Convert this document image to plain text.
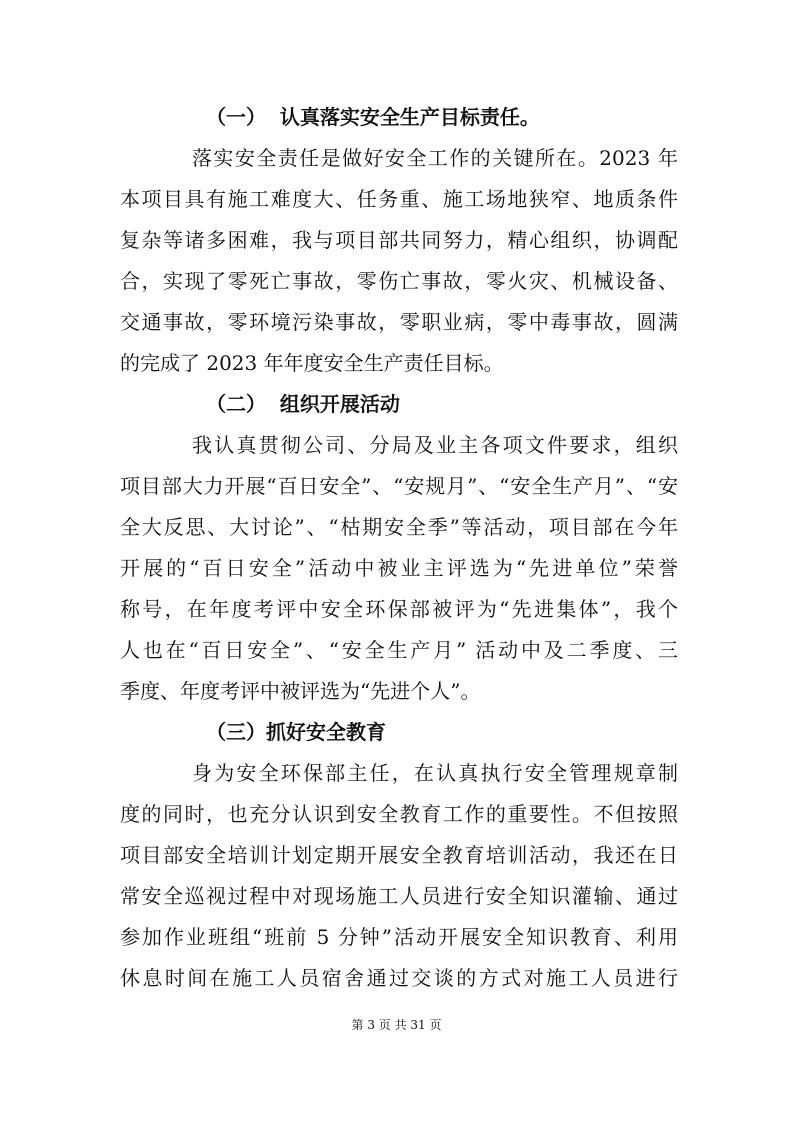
（一）  认真落实安全生产目标责任。
落实安全责任是做好安全工作的关键所在。2023 年
本项目具有施工难度大、任务重、施工场地狭窄、地质条件
复杂等诸多困难，我与项目部共同努力，精心组织，协调配
合，实现了零死亡事故，零伤亡事故，零火灾、机械设备、
交通事故，零环境污染事故，零职业病，零中毒事故，圆满
的完成了 2023 年年度安全生产责任目标。
（二）  组织开展活动
我认真贯彻公司、分局及业主各项文件要求，组织
项目部大力开展“百日安全”、“安规月”、“安全生产月”、“安
全大反思、大讨论”、“枯期安全季”等活动，项目部在今年
开展的“百日安全”活动中被业主评选为“先进单位”荣誉
称号，在年度考评中安全环保部被评为“先进集体”，我个
人也在“百日安全”、“安全生产月” 活动中及二季度、三
季度、年度考评中被评选为“先进个人”。
（三）抓好安全教育
身为安全环保部主任，在认真执行安全管理规章制
度的同时，也充分认识到安全教育工作的重要性。不但按照
项目部安全培训计划定期开展安全教育培训活动，我还在日
常安全巡视过程中对现场施工人员进行安全知识灌输、通过
参加作业班组“班前 5 分钟”活动开展安全知识教育、利用
休息时间在施工人员宿舍通过交谈的方式对施工人员进行
第 3 页 共 31 页
